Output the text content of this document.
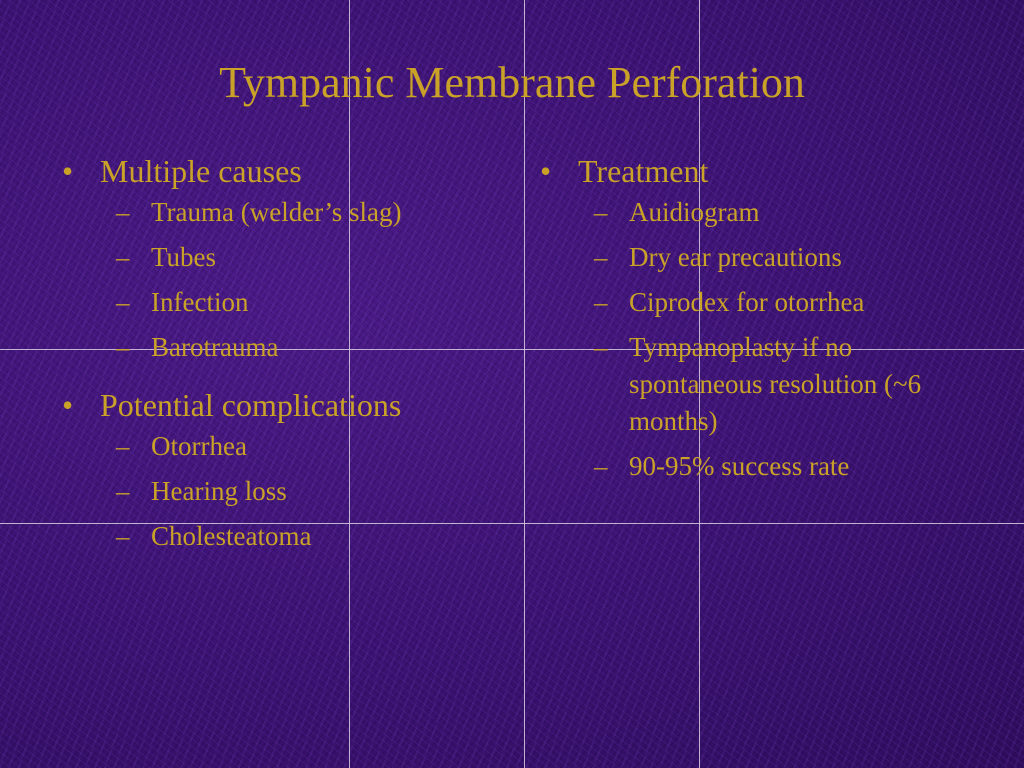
Tympanic Membrane Perforation
• Multiple causes
– Trauma (welder’s slag)
– Tubes
– Infection
– Barotrauma
• Potential complications
– Otorrhea
– Hearing loss
– Cholesteatoma
• Treatment
– Auidiogram
– Dry ear precautions
– Ciprodex for otorrhea
– Tympanoplasty if no spontaneous resolution (~6 months)
– 90-95% success rate
